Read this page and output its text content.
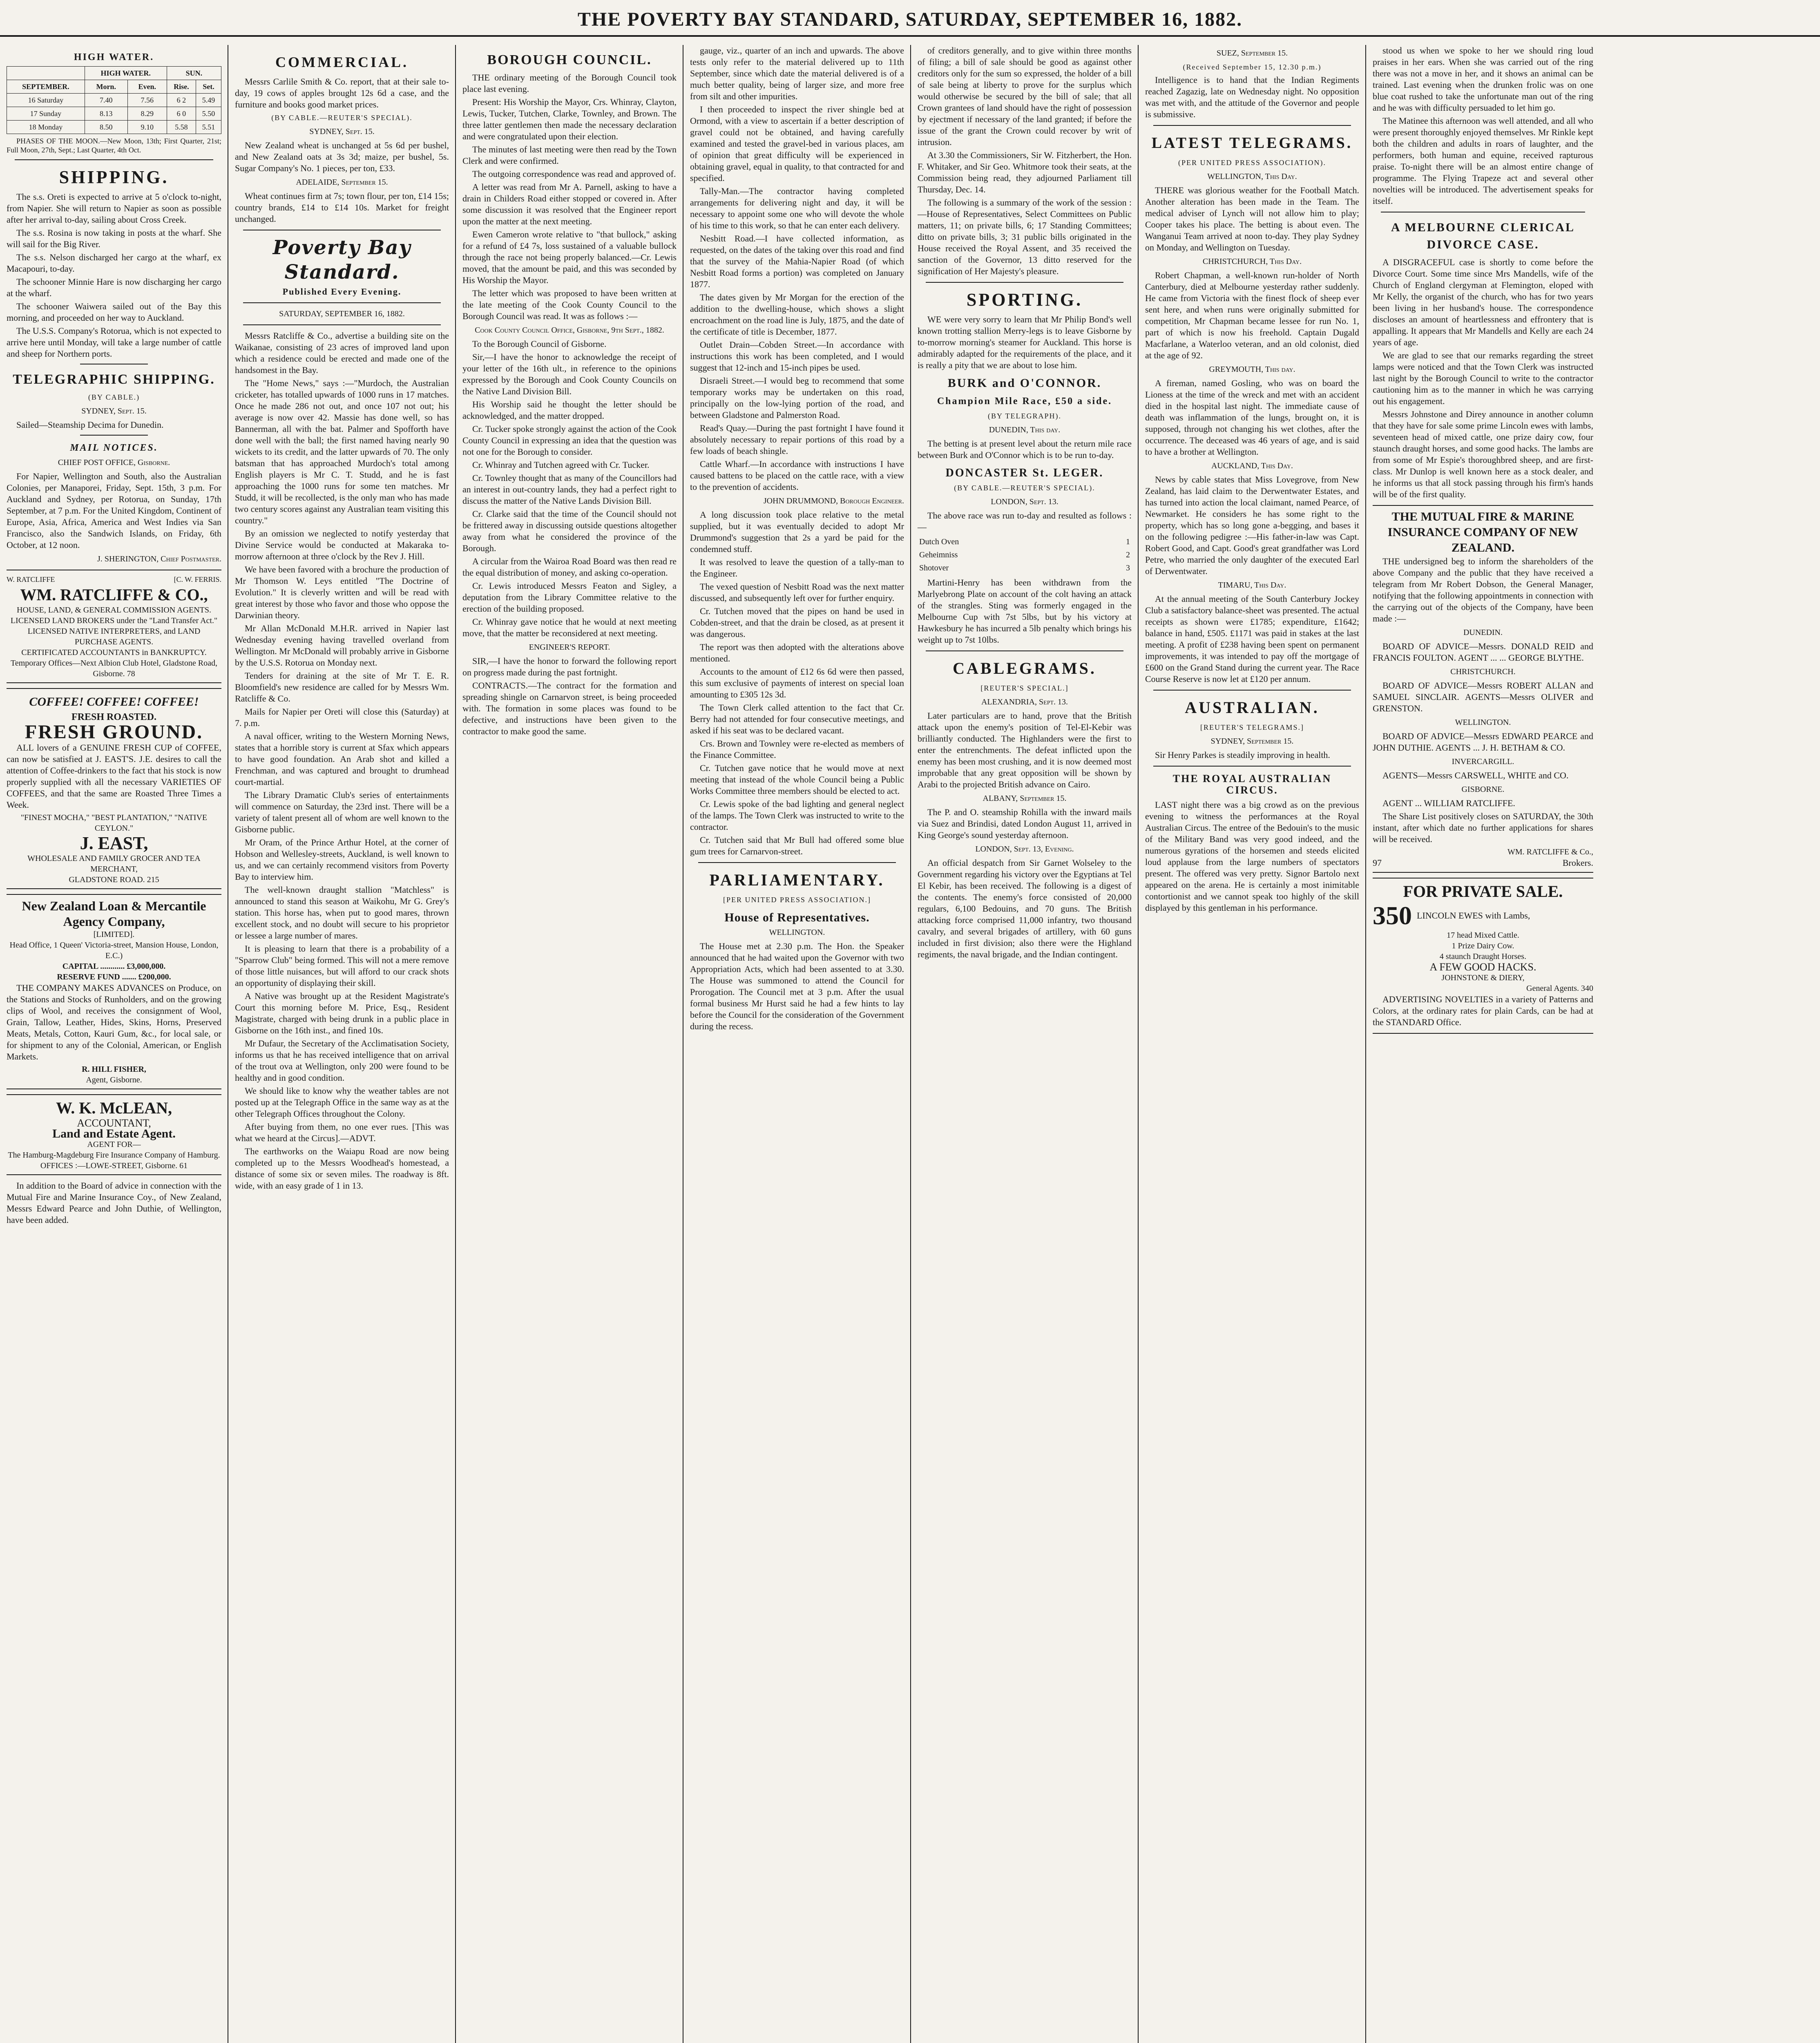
THE POVERTY BAY STANDARD, SATURDAY, SEPTEMBER 16, 1882.
HIGH WATER.
	HIGH WATER.		SUN.	
SEPTEMBER.	Morn.	Even.	Rise.	Set.
16 Saturday	7.40	7.56	6 2	5.49
17 Sunday	8.13	8.29	6 0	5.50
18 Monday	8.50	9.10	5.58	5.51

PHASES OF THE MOON.—New Moon, 13th; First Quarter, 21st; Full Moon, 27th, Sept.; Last Quarter, 4th Oct.

SHIPPING.

The s.s. Oreti is expected to arrive at 5 o'clock to-night, from Napier. She will return to Napier as soon as possible after her arrival to-day, sailing about Cross Creek.

The s.s. Rosina is now taking in posts at the wharf. She will sail for the Big River.

The s.s. Nelson discharged her cargo at the wharf, ex Macapouri, to-day.

The schooner Minnie Hare is now discharging her cargo at the wharf.

The schooner Waiwera sailed out of the Bay this morning, and proceeded on her way to Auckland.

The U.S.S. Company's Rotorua, which is not expected to arrive here until Monday, will take a large number of cattle and sheep for Northern ports.

TELEGRAPHIC SHIPPING.
(BY CABLE.)
SYDNEY, Sept. 15.

Sailed—Steamship Decima for Dunedin.

MAIL NOTICES.
CHIEF POST OFFICE, Gisborne.

For Napier, Wellington and South, also the Australian Colonies, per Manaporei, Friday, Sept. 15th, 3 p.m. For Auckland and Sydney, per Rotorua, on Sunday, 17th September, at 7 p.m. For the United Kingdom, Continent of Europe, Asia, Africa, America and West Indies via San Francisco, also the Sandwich Islands, on Friday, 6th October, at 12 noon.

J. SHERINGTON, Chief Postmaster.
W. RATCLIFFE	[C. W. FERRIS.
WM. RATCLIFFE & CO.,
HOUSE, LAND, & GENERAL COMMISSION AGENTS.
LICENSED LAND BROKERS under the "Land Transfer Act."
LICENSED NATIVE INTERPRETERS, and LAND PURCHASE AGENTS.
CERTIFICATED ACCOUNTANTS in BANKRUPTCY.
Temporary Offices—Next Albion Club Hotel, Gladstone Road, Gisborne. 78
COFFEE! COFFEE! COFFEE!
FRESH ROASTED.
FRESH GROUND.

ALL lovers of a GENUINE FRESH CUP of COFFEE, can now be satisfied at J. EAST'S. J.E. desires to call the attention of Coffee-drinkers to the fact that his stock is now properly supplied with all the necessary VARIETIES OF COFFEES, and that the same are Roasted Three Times a Week.

"FINEST MOCHA," "BEST PLANTATION," "NATIVE CEYLON."
J. EAST,
WHOLESALE AND FAMILY GROCER AND TEA MERCHANT,
GLADSTONE ROAD. 215
New Zealand Loan & Mercantile Agency Company,
[LIMITED].
Head Office, 1 Queen' Victoria-street, Mansion House, London, E.C.)
CAPITAL ............ £3,000,000.
RESERVE FUND ....... £200,000.

THE COMPANY MAKES ADVANCES on Produce, on the Stations and Stocks of Runholders, and on the growing clips of Wool, and receives the consignment of Wool, Grain, Tallow, Leather, Hides, Skins, Horns, Preserved Meats, Metals, Cotton, Kauri Gum, &c., for local sale, or for shipment to any of the Colonial, American, or English Markets.

R. HILL FISHER,
Agent, Gisborne.
W. K. McLEAN,
ACCOUNTANT,
Land and Estate Agent.
AGENT FOR—
The Hamburg-Magdeburg Fire Insurance Company of Hamburg.
OFFICES :—LOWE-STREET, Gisborne. 61

In addition to the Board of advice in connection with the Mutual Fire and Marine Insurance Coy., of New Zealand, Messrs Edward Pearce and John Duthie, of Wellington, have been added.

COMMERCIAL.

Messrs Carlile Smith & Co. report, that at their sale to-day, 19 cows of apples brought 12s 6d a case, and the furniture and books good market prices.

(BY CABLE.—REUTER'S SPECIAL).
SYDNEY, Sept. 15.

New Zealand wheat is unchanged at 5s 6d per bushel, and New Zealand oats at 3s 3d; maize, per bushel, 5s. Sugar Company's No. 1 pieces, per ton, £33.

ADELAIDE, September 15.

Wheat continues firm at 7s; town flour, per ton, £14 15s; country brands, £14 to £14 10s. Market for freight unchanged.

Poverty Bay Standard.
Published Every Evening.
SATURDAY, SEPTEMBER 16, 1882.

Messrs Ratcliffe & Co., advertise a building site on the Waikanae, consisting of 23 acres of improved land upon which a residence could be erected and made one of the handsomest in the Bay.

The "Home News," says :—"Murdoch, the Australian cricketer, has totalled upwards of 1000 runs in 17 matches. Once he made 286 not out, and once 107 not out; his average is now over 42. Massie has done well, so has Bannerman, all with the bat. Palmer and Spofforth have done well with the ball; the first named having nearly 90 wickets to its credit, and the latter upwards of 70. The only batsman that has approached Murdoch's total among English players is Mr C. T. Studd, and he is fast approaching the 1000 runs for some ten matches. Mr Studd, it will be recollected, is the only man who has made two century scores against any Australian team visiting this country."

By an omission we neglected to notify yesterday that Divine Service would be conducted at Makaraka to-morrow afternoon at three o'clock by the Rev J. Hill.

We have been favored with a brochure the production of Mr Thomson W. Leys entitled "The Doctrine of Evolution." It is cleverly written and will be read with great interest by those who favor and those who oppose the Darwinian theory.

Mr Allan McDonald M.H.R. arrived in Napier last Wednesday evening having travelled overland from Wellington. Mr McDonald will probably arrive in Gisborne by the U.S.S. Rotorua on Monday next.

Tenders for draining at the site of Mr T. E. R. Bloomfield's new residence are called for by Messrs Wm. Ratcliffe & Co.

Mails for Napier per Oreti will close this (Saturday) at 7. p.m.

A naval officer, writing to the Western Morning News, states that a horrible story is current at Sfax which appears to have good foundation. An Arab shot and killed a Frenchman, and was captured and brought to drumhead court-martial.

The Library Dramatic Club's series of entertainments will commence on Saturday, the 23rd inst. There will be a variety of talent present all of whom are well known to the Gisborne public.

Mr Oram, of the Prince Arthur Hotel, at the corner of Hobson and Wellesley-streets, Auckland, is well known to us, and we can certainly recommend visitors from Poverty Bay to interview him.

The well-known draught stallion "Matchless" is announced to stand this season at Waikohu, Mr G. Grey's station. This horse has, when put to good mares, thrown excellent stock, and no doubt will secure to his proprietor or lessee a large number of mares.

It is pleasing to learn that there is a probability of a "Sparrow Club" being formed. This will not a mere remove of those little nuisances, but will afford to our crack shots an opportunity of displaying their skill.

A Native was brought up at the Resident Magistrate's Court this morning before M. Price, Esq., Resident Magistrate, charged with being drunk in a public place in Gisborne on the 16th inst., and fined 10s.

Mr Dufaur, the Secretary of the Acclimatisation Society, informs us that he has received intelligence that on arrival of the trout ova at Wellington, only 200 were found to be healthy and in good condition.

We should like to know why the weather tables are not posted up at the Telegraph Office in the same way as at the other Telegraph Offices throughout the Colony.

After buying from them, no one ever rues. [This was what we heard at the Circus].—ADVT.

The earthworks on the Waiapu Road are now being completed up to the Messrs Woodhead's homestead, a distance of some six or seven miles. The roadway is 8ft. wide, with an easy grade of 1 in 13.

BOROUGH COUNCIL.

THE ordinary meeting of the Borough Council took place last evening.

Present: His Worship the Mayor, Crs. Whinray, Clayton, Lewis, Tucker, Tutchen, Clarke, Townley, and Brown. The three latter gentlemen then made the necessary declaration and were congratulated upon their election.

The minutes of last meeting were then read by the Town Clerk and were confirmed.

The outgoing correspondence was read and approved of.

A letter was read from Mr A. Parnell, asking to have a drain in Childers Road either stopped or covered in. After some discussion it was resolved that the Engineer report upon the matter at the next meeting.

Ewen Cameron wrote relative to "that bullock," asking for a refund of £4 7s, loss sustained of a valuable bullock through the race not being properly balanced.—Cr. Lewis moved, that the amount be paid, and this was seconded by His Worship the Mayor.

The letter which was proposed to have been written at the late meeting of the Cook County Council to the Borough Council was read. It was as follows :—

Cook County Council Office, Gisborne, 9th Sept., 1882.

To the Borough Council of Gisborne.

Sir,—I have the honor to acknowledge the receipt of your letter of the 16th ult., in reference to the opinions expressed by the Borough and Cook County Councils on the Native Land Division Bill.

His Worship said he thought the letter should be acknowledged, and the matter dropped.

Cr. Tucker spoke strongly against the action of the Cook County Council in expressing an idea that the question was not one for the Borough to consider.

Cr. Whinray and Tutchen agreed with Cr. Tucker.

Cr. Townley thought that as many of the Councillors had an interest in out-country lands, they had a perfect right to discuss the matter of the Native Lands Division Bill.

Cr. Clarke said that the time of the Council should not be frittered away in discussing outside questions altogether away from what he considered the province of the Borough.

A circular from the Wairoa Road Board was then read re the equal distribution of money, and asking co-operation.

Cr. Lewis introduced Messrs Featon and Sigley, a deputation from the Library Committee relative to the erection of the building proposed.

Cr. Whinray gave notice that he would at next meeting move, that the matter be reconsidered at next meeting.

ENGINEER'S REPORT.

SIR,—I have the honor to forward the following report on progress made during the past fortnight.

CONTRACTS.—The contract for the formation and spreading shingle on Carnarvon street, is being proceeded with. The formation in some places was found to be defective, and instructions have been given to the contractor to make good the same.

gauge, viz., quarter of an inch and upwards. The above tests only refer to the material delivered up to 11th September, since which date the material delivered is of a much better quality, being of larger size, and more free from silt and other impurities.

I then proceeded to inspect the river shingle bed at Ormond, with a view to ascertain if a better description of gravel could not be obtained, and having carefully examined and tested the gravel-bed in various places, am of opinion that great difficulty will be experienced in obtaining gravel, equal in quality, to that contracted for and specified.

Tally-Man.—The contractor having completed arrangements for delivering night and day, it will be necessary to appoint some one who will devote the whole of his time to this work, so that he can enter each delivery.

Nesbitt Road.—I have collected information, as requested, on the dates of the taking over this road and find that the survey of the Mahia-Napier Road (of which Nesbitt Road forms a portion) was completed on January 1877.

The dates given by Mr Morgan for the erection of the addition to the dwelling-house, which shows a slight encroachment on the road line is July, 1875, and the date of the certificate of title is December, 1877.

Outlet Drain—Cobden Street.—In accordance with instructions this work has been completed, and I would suggest that 12-inch and 15-inch pipes be used.

Disraeli Street.—I would beg to recommend that some temporary works may be undertaken on this road, principally on the low-lying portion of the road, and between Gladstone and Palmerston Road.

Read's Quay.—During the past fortnight I have found it absolutely necessary to repair portions of this road by a few loads of beach shingle.

Cattle Wharf.—In accordance with instructions I have caused battens to be placed on the cattle race, with a view to the prevention of accidents.

JOHN DRUMMOND, Borough Engineer.

A long discussion took place relative to the metal supplied, but it was eventually decided to adopt Mr Drummond's suggestion that 2s a yard be paid for the condemned stuff.

It was resolved to leave the question of a tally-man to the Engineer.

The vexed question of Nesbitt Road was the next matter discussed, and subsequently left over for further enquiry.

Cr. Tutchen moved that the pipes on hand be used in Cobden-street, and that the drain be closed, as at present it was dangerous.

The report was then adopted with the alterations above mentioned.

Accounts to the amount of £12 6s 6d were then passed, this sum exclusive of payments of interest on special loan amounting to £305 12s 3d.

The Town Clerk called attention to the fact that Cr. Berry had not attended for four consecutive meetings, and asked if his seat was to be declared vacant.

Crs. Brown and Townley were re-elected as members of the Finance Committee.

Cr. Tutchen gave notice that he would move at next meeting that instead of the whole Council being a Public Works Committee three members should be elected to act.

Cr. Lewis spoke of the bad lighting and general neglect of the lamps. The Town Clerk was instructed to write to the contractor.

Cr. Tutchen said that Mr Bull had offered some blue gum trees for Carnarvon-street.

PARLIAMENTARY.
[PER UNITED PRESS ASSOCIATION.]
House of Representatives.
WELLINGTON.

The House met at 2.30 p.m. The Hon. the Speaker announced that he had waited upon the Governor with two Appropriation Acts, which had been assented to at 3.30. The House was summoned to attend the Council for Prorogation. The Council met at 3 p.m. After the usual formal business Mr Hurst said he had a few hints to lay before the Council for the consideration of the Government during the recess.

of creditors generally, and to give within three months of filing; a bill of sale should be good as against other creditors only for the sum so expressed, the holder of a bill of sale being at liberty to prove for the surplus which would otherwise be secured by the bill of sale; that all Crown grantees of land should have the right of possession by ejectment if necessary of the land granted; if before the issue of the grant the Crown could recover by writ of intrusion.

At 3.30 the Commissioners, Sir W. Fitzherbert, the Hon. F. Whitaker, and Sir Geo. Whitmore took their seats, at the Commission being read, they adjourned Parliament till Thursday, Dec. 14.

The following is a summary of the work of the session :—House of Representatives, Select Committees on Public matters, 11; on private bills, 6; 17 Standing Committees; ditto on private bills, 3; 31 public bills originated in the House received the Royal Assent, and 35 received the sanction of the Governor, 13 ditto reserved for the signification of Her Majesty's pleasure.

SPORTING.

WE were very sorry to learn that Mr Philip Bond's well known trotting stallion Merry-legs is to leave Gisborne by to-morrow morning's steamer for Auckland. This horse is admirably adapted for the requirements of the place, and it is really a pity that we are about to lose him.

BURK and O'CONNOR.
Champion Mile Race, £50 a side.
(BY TELEGRAPH).
DUNEDIN, This day.

The betting is at present level about the return mile race between Burk and O'Connor which is to be run to-day.

DONCASTER St. LEGER.
(BY CABLE.—REUTER'S SPECIAL).
LONDON, Sept. 13.

The above race was run to-day and resulted as follows :—

Dutch Oven	1
Geheimniss	2
Shotover	3

Martini-Henry has been withdrawn from the Marlyebrong Plate on account of the colt having an attack of the strangles. Sting was formerly engaged in the Melbourne Cup with 7st 5lbs, but by his victory at Hawkesbury he has incurred a 5lb penalty which brings his weight up to 7st 10lbs.

CABLEGRAMS.
[REUTER'S SPECIAL.]
ALEXANDRIA, Sept. 13.

Later particulars are to hand, prove that the British attack upon the enemy's position of Tel-El-Kebir was brilliantly conducted. The Highlanders were the first to enter the entrenchments. The defeat inflicted upon the enemy has been most crushing, and it is now deemed most improbable that any great opposition will be shown by Arabi to the projected British advance on Cairo.

ALBANY, September 15.

The P. and O. steamship Rohilla with the inward mails via Suez and Brindisi, dated London August 11, arrived in King George's sound yesterday afternoon.

LONDON, Sept. 13, Evening.

An official despatch from Sir Garnet Wolseley to the Government regarding his victory over the Egyptians at Tel El Kebir, has been received. The following is a digest of the contents. The enemy's force consisted of 20,000 regulars, 6,100 Bedouins, and 70 guns. The British attacking force comprised 11,000 infantry, two thousand cavalry, and several brigades of artillery, with 60 guns included in first division; also there were the Highland regiments, the naval brigade, and the Indian contingent.

SUEZ, September 15.
(Received September 15, 12.30 p.m.)

Intelligence is to hand that the Indian Regiments reached Zagazig, late on Wednesday night. No opposition was met with, and the attitude of the Governor and people is submissive.

LATEST TELEGRAMS.
(PER UNITED PRESS ASSOCIATION).
WELLINGTON, This Day.

THERE was glorious weather for the Football Match. Another alteration has been made in the Team. The medical adviser of Lynch will not allow him to play; Cooper takes his place. The betting is about even. The Wanganui Team arrived at noon to-day. They play Sydney on Monday, and Wellington on Tuesday.

CHRISTCHURCH, This Day.

Robert Chapman, a well-known run-holder of North Canterbury, died at Melbourne yesterday rather suddenly. He came from Victoria with the finest flock of sheep ever sent here, and when runs were originally submitted for competition, Mr Chapman became lessee for run No. 1, part of which is now his freehold. Captain Dugald Macfarlane, a Waterloo veteran, and an old colonist, died at the age of 92.

GREYMOUTH, This day.

A fireman, named Gosling, who was on board the Lioness at the time of the wreck and met with an accident died in the hospital last night. The immediate cause of death was inflammation of the lungs, brought on, it is supposed, through not changing his wet clothes, after the occurrence. The deceased was 46 years of age, and is said to have a brother at Wellington.

AUCKLAND, This Day.

News by cable states that Miss Lovegrove, from New Zealand, has laid claim to the Derwentwater Estates, and has turned into action the local claimant, named Pearce, of Newmarket. He considers he has some right to the property, which has so long gone a-begging, and bases it on the following pedigree :—His father-in-law was Capt. Robert Good, and Capt. Good's great grandfather was Lord Petre, who married the only daughter of the executed Earl of Derwentwater.

TIMARU, This Day.

At the annual meeting of the South Canterbury Jockey Club a satisfactory balance-sheet was presented. The actual receipts as shown were £1785; expenditure, £1642; balance in hand, £505. £1171 was paid in stakes at the last meeting. A profit of £238 having been spent on permanent improvements, it was intended to pay off the mortgage of £600 on the Grand Stand during the current year. The Race Course Reserve is now let at £120 per annum.

AUSTRALIAN.
[REUTER'S TELEGRAMS.]
SYDNEY, September 15.

Sir Henry Parkes is steadily improving in health.

THE ROYAL AUSTRALIAN CIRCUS.

LAST night there was a big crowd as on the previous evening to witness the performances at the Royal Australian Circus. The entree of the Bedouin's to the music of the Military Band was very good indeed, and the numerous gyrations of the horsemen and steeds elicited loud applause from the large numbers of spectators present. The offered was very pretty. Signor Bartolo next appeared on the arena. He is certainly a most inimitable contortionist and we cannot speak too highly of the skill displayed by this gentleman in his performance.

stood us when we spoke to her we should ring loud praises in her ears. When she was carried out of the ring there was not a move in her, and it shows an animal can be trained. Last evening when the drunken frolic was on one blue coat rushed to take the unfortunate man out of the ring and he was with difficulty persuaded to let him go.

The Matinee this afternoon was well attended, and all who were present thoroughly enjoyed themselves. Mr Rinkle kept both the children and adults in roars of laughter, and the performers, both human and equine, received rapturous praise. To-night there will be an almost entire change of programme. The Flying Trapeze act and several other novelties will be introduced. The advertisement speaks for itself.

A MELBOURNE CLERICAL DIVORCE CASE.

A DISGRACEFUL case is shortly to come before the Divorce Court. Some time since Mrs Mandells, wife of the Church of England clergyman at Flemington, eloped with Mr Kelly, the organist of the church, who has for two years been living in her husband's house. The correspondence discloses an amount of heartlessness and effrontery that is appalling. It appears that Mr Mandells and Kelly are each 24 years of age.

We are glad to see that our remarks regarding the street lamps were noticed and that the Town Clerk was instructed last night by the Borough Council to write to the contractor cautioning him as to the manner in which he was carrying out his engagement.

Messrs Johnstone and Direy announce in another column that they have for sale some prime Lincoln ewes with lambs, seventeen head of mixed cattle, one prize dairy cow, four staunch draught horses, and some good hacks. The lambs are from some of Mr Espie's thoroughbred sheep, and are first-class. Mr Dunlop is well known here as a stock dealer, and he informs us that all stock passing through his firm's hands will be of the first quality.

THE MUTUAL FIRE & MARINE INSURANCE COMPANY OF NEW ZEALAND.

THE undersigned beg to inform the shareholders of the above Company and the public that they have received a telegram from Mr Robert Dobson, the General Manager, notifying that the following appointments in connection with the carrying out of the objects of the Company, have been made :—

DUNEDIN.

BOARD OF ADVICE—Messrs. DONALD REID and FRANCIS FOULTON. AGENT ... ... GEORGE BLYTHE.

CHRISTCHURCH.

BOARD OF ADVICE—Messrs ROBERT ALLAN and SAMUEL SINCLAIR. AGENTS—Messrs OLIVER and GRENSTON.

WELLINGTON.

BOARD OF ADVICE—Messrs EDWARD PEARCE and JOHN DUTHIE. AGENTS ... J. H. BETHAM & CO.

INVERCARGILL.

AGENTS—Messrs CARSWELL, WHITE and CO.

GISBORNE.

AGENT ... WILLIAM RATCLIFFE.

The Share List positively closes on SATURDAY, the 30th instant, after which date no further applications for shares will be received.

WM. RATCLIFFE & Co.,
97	Brokers.
FOR PRIVATE SALE.
350 LINCOLN EWES with Lambs,
17 head Mixed Cattle.
1 Prize Dairy Cow.
4 staunch Draught Horses.
A FEW GOOD HACKS.
JOHNSTONE & DIERY,
General Agents. 340

ADVERTISING NOVELTIES in a variety of Patterns and Colors, at the ordinary rates for plain Cards, can be had at the STANDARD Office.
